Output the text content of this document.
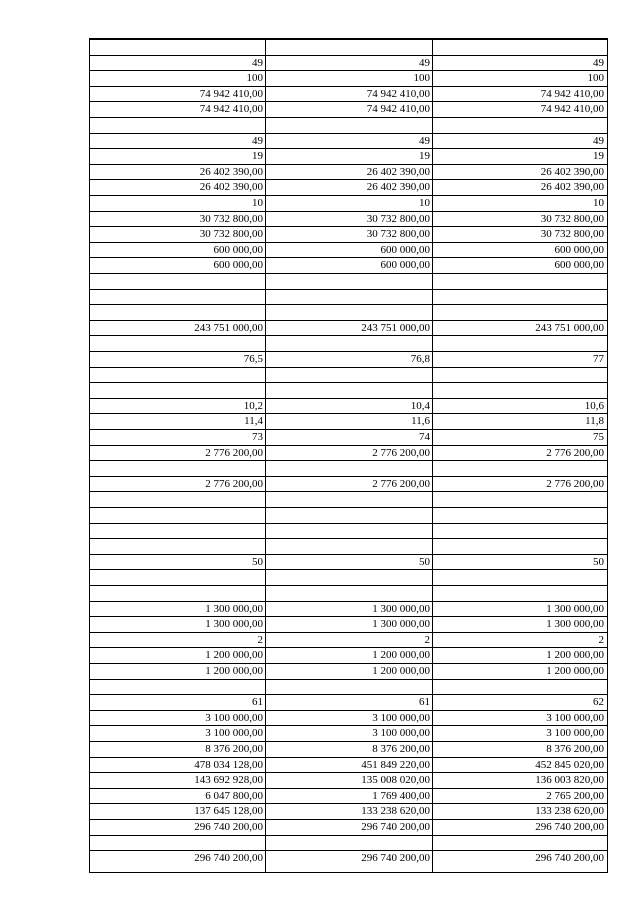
49	49	49
100	100	100
74 942 410,00	74 942 410,00	74 942 410,00
74 942 410,00	74 942 410,00	74 942 410,00
49	49	49
19	19	19
26 402 390,00	26 402 390,00	26 402 390,00
26 402 390,00	26 402 390,00	26 402 390,00
10	10	10
30 732 800,00	30 732 800,00	30 732 800,00
30 732 800,00	30 732 800,00	30 732 800,00
600 000,00	600 000,00	600 000,00
600 000,00	600 000,00	600 000,00
243 751 000,00	243 751 000,00	243 751 000,00
76,5	76,8	77
10,2	10,4	10,6
11,4	11,6	11,8
73	74	75
2 776 200,00	2 776 200,00	2 776 200,00
2 776 200,00	2 776 200,00	2 776 200,00
50	50	50
1 300 000,00	1 300 000,00	1 300 000,00
1 300 000,00	1 300 000,00	1 300 000,00
2	2	2
1 200 000,00	1 200 000,00	1 200 000,00
1 200 000,00	1 200 000,00	1 200 000,00
61	61	62
3 100 000,00	3 100 000,00	3 100 000,00
3 100 000,00	3 100 000,00	3 100 000,00
8 376 200,00	8 376 200,00	8 376 200,00
478 034 128,00	451 849 220,00	452 845 020,00
143 692 928,00	135 008 020,00	136 003 820,00
6 047 800,00	1 769 400,00	2 765 200,00
137 645 128,00	133 238 620,00	133 238 620,00
296 740 200,00	296 740 200,00	296 740 200,00
296 740 200,00	296 740 200,00	296 740 200,00
